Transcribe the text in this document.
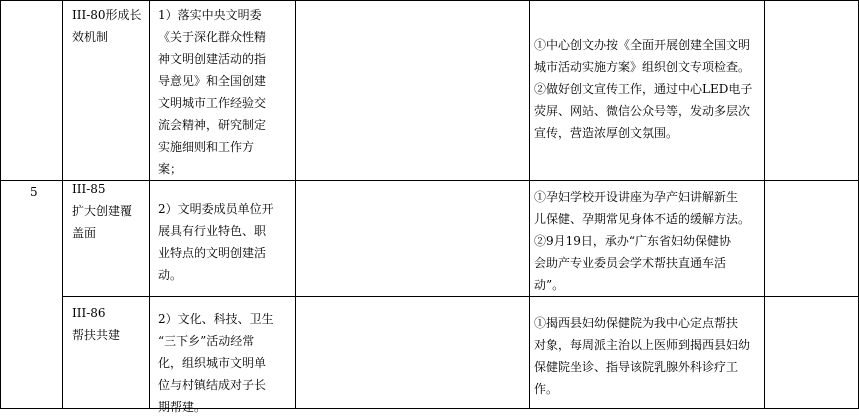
III-80形成长
效机制
1）落实中央文明委
《关于深化群众性精
神文明创建活动的指
导意见》和全国创建
文明城市工作经验交
流会精神，研究制定
实施细则和工作方
案；
①中心创文办按《全面开展创建全国文明
城市活动实施方案》组织创文专项检查。
②做好创文宣传工作，通过中心LED电子
荧屏、网站、微信公众号等，发动多层次
宣传，营造浓厚创文氛围。
5	III-85
扩大创建覆
盖面
2）文明委成员单位开
展具有行业特色、职
业特点的文明创建活
动。
①孕妇学校开设讲座为孕产妇讲解新生
儿保健、孕期常见身体不适的缓解方法。
②9月19日，承办“广东省妇幼保健协
会助产专业委员会学术帮扶直通车活
动”。
III-86
帮扶共建
2）文化、科技、卫生
“三下乡”活动经常
化，组织城市文明单
位与村镇结成对子长
期帮建。
①揭西县妇幼保健院为我中心定点帮扶
对象，每周派主治以上医师到揭西县妇幼
保健院坐诊、指导该院乳腺外科诊疗工
作。
